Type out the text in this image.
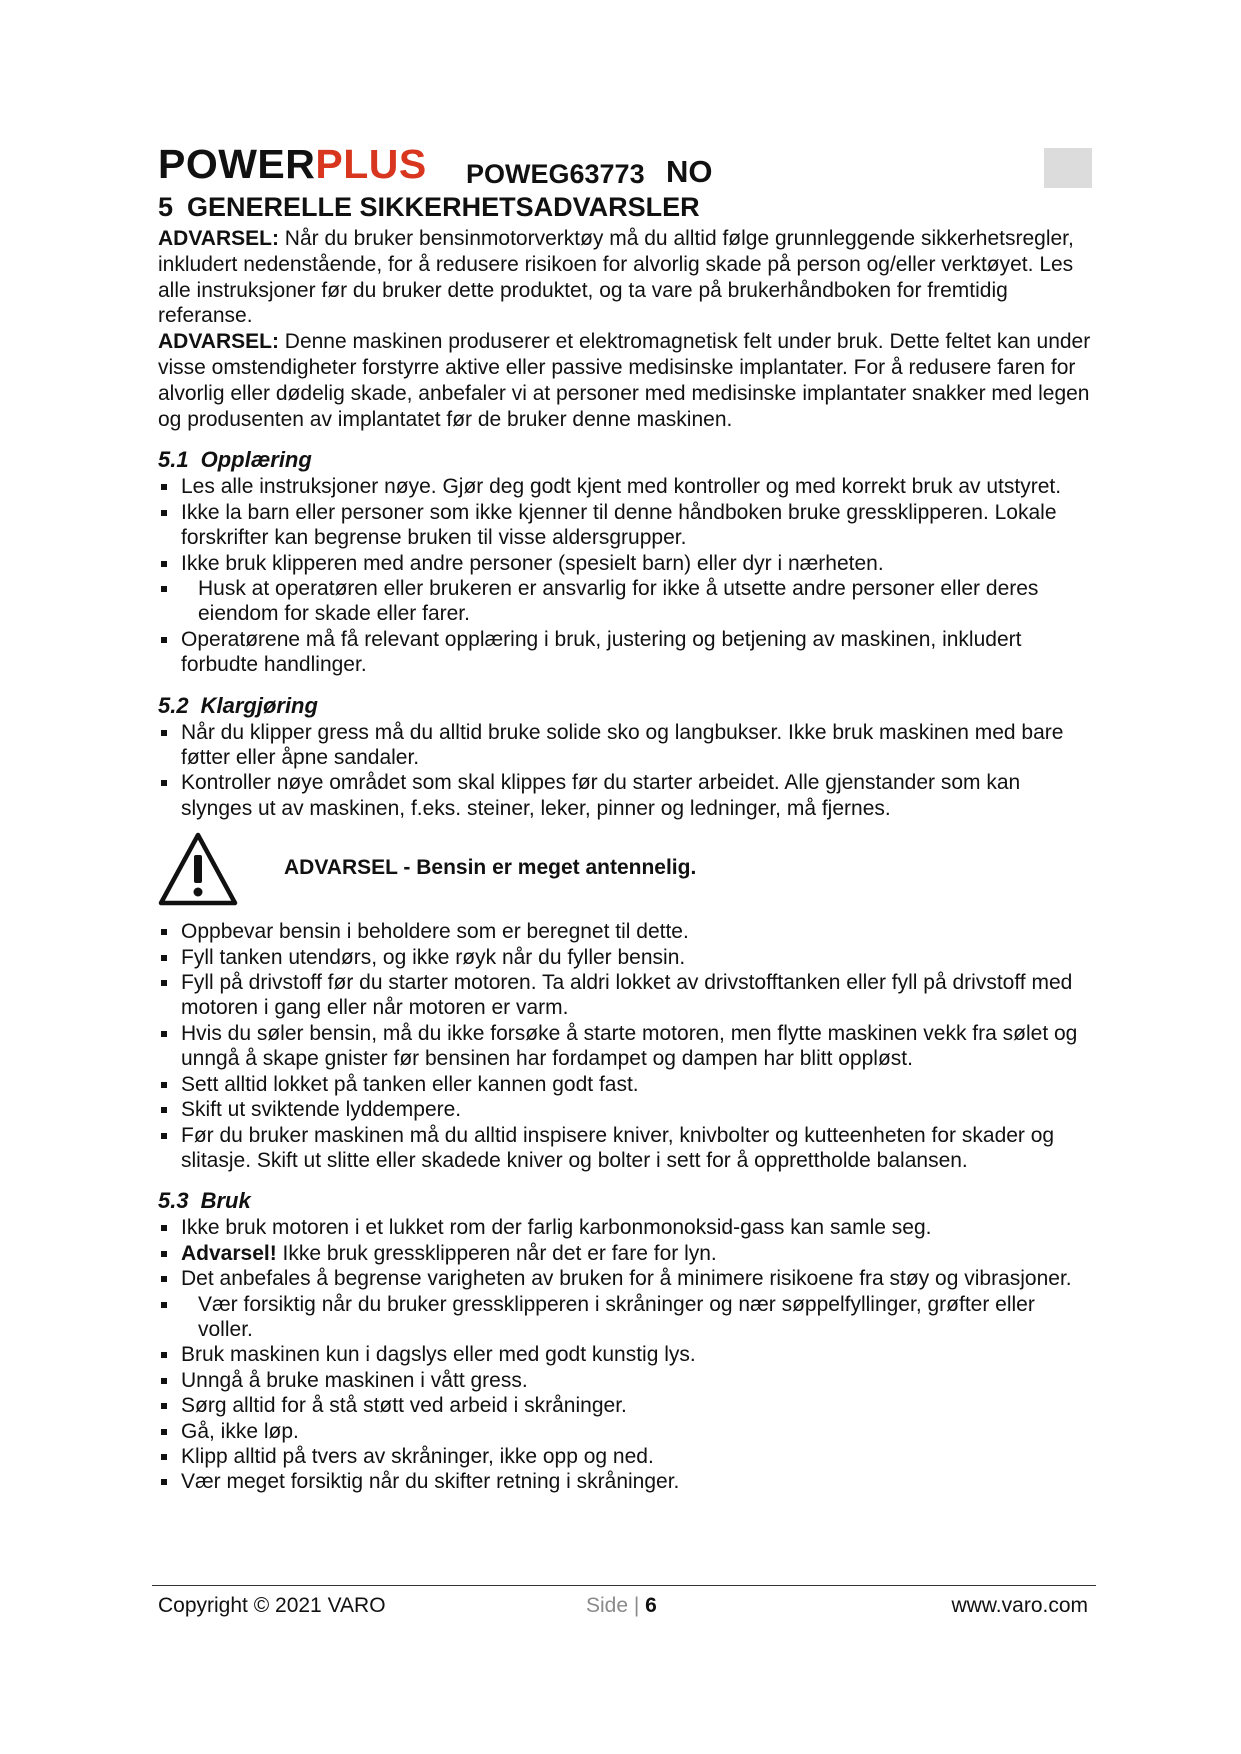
POWERPLUS POWEG63773 NO
5 GENERELLE SIKKERHETSADVARSLER

ADVARSEL: Når du bruker bensinmotorverktøy må du alltid følge grunnleggende sikkerhetsregler, inkludert nedenstående, for å redusere risikoen for alvorlig skade på person og/eller verktøyet. Les alle instruksjoner før du bruker dette produktet, og ta vare på brukerhåndboken for fremtidig referanse.

ADVARSEL: Denne maskinen produserer et elektromagnetisk felt under bruk. Dette feltet kan under visse omstendigheter forstyrre aktive eller passive medisinske implantater. For å redusere faren for alvorlig eller dødelig skade, anbefaler vi at personer med medisinske implantater snakker med legen og produsenten av implantatet før de bruker denne maskinen.

5.1 Opplæring
Les alle instruksjoner nøye. Gjør deg godt kjent med kontroller og med korrekt bruk av utstyret.
Ikke la barn eller personer som ikke kjenner til denne håndboken bruke gressklipperen. Lokale forskrifter kan begrense bruken til visse aldersgrupper.
Ikke bruk klipperen med andre personer (spesielt barn) eller dyr i nærheten.
Husk at operatøren eller brukeren er ansvarlig for ikke å utsette andre personer eller deres eiendom for skade eller farer.
Operatørene må få relevant opplæring i bruk, justering og betjening av maskinen, inkludert forbudte handlinger.
5.2 Klargjøring
Når du klipper gress må du alltid bruke solide sko og langbukser. Ikke bruk maskinen med bare føtter eller åpne sandaler.
Kontroller nøye området som skal klippes før du starter arbeidet. Alle gjenstander som kan slynges ut av maskinen, f.eks. steiner, leker, pinner og ledninger, må fjernes.
ADVARSEL - Bensin er meget antennelig.
Oppbevar bensin i beholdere som er beregnet til dette.
Fyll tanken utendørs, og ikke røyk når du fyller bensin.
Fyll på drivstoff før du starter motoren. Ta aldri lokket av drivstofftanken eller fyll på drivstoff med motoren i gang eller når motoren er varm.
Hvis du søler bensin, må du ikke forsøke å starte motoren, men flytte maskinen vekk fra sølet og unngå å skape gnister før bensinen har fordampet og dampen har blitt oppløst.
Sett alltid lokket på tanken eller kannen godt fast.
Skift ut sviktende lyddempere.
Før du bruker maskinen må du alltid inspisere kniver, knivbolter og kutteenheten for skader og slitasje. Skift ut slitte eller skadede kniver og bolter i sett for å opprettholde balansen.
5.3 Bruk
Ikke bruk motoren i et lukket rom der farlig karbonmonoksid-gass kan samle seg.
Advarsel! Ikke bruk gressklipperen når det er fare for lyn.
Det anbefales å begrense varigheten av bruken for å minimere risikoene fra støy og vibrasjoner.
Vær forsiktig når du bruker gressklipperen i skråninger og nær søppelfyllinger, grøfter eller voller.
Bruk maskinen kun i dagslys eller med godt kunstig lys.
Unngå å bruke maskinen i vått gress.
Sørg alltid for å stå støtt ved arbeid i skråninger.
Gå, ikke løp.
Klipp alltid på tvers av skråninger, ikke opp og ned.
Vær meget forsiktig når du skifter retning i skråninger.
Copyright © 2021 VARO	Side | 6	www.varo.com
